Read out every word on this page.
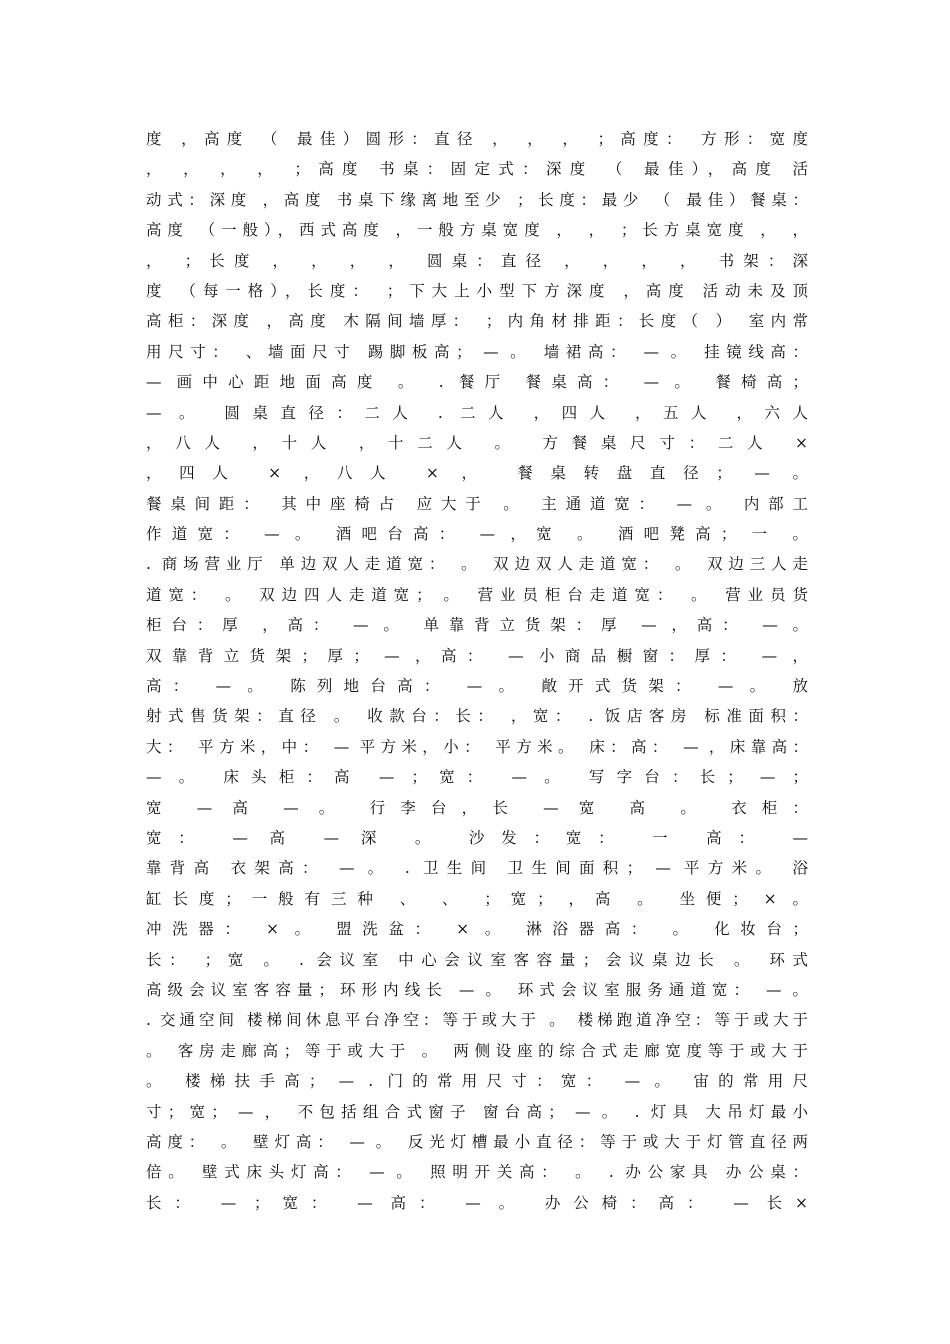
度 ，高度 （ 最佳）圆形：直径 ， ， ， ；高度： 方形：宽度
， ， ， ， ；高度 书桌：固定式：深度 （ 最佳），高度 活
动式：深度 ，高度 书桌下缘离地至少 ；长度：最少 （ 最佳）餐桌：
高度 （一般），西式高度 ，一般方桌宽度 ， ， ；长方桌宽度 ， ，
， ；长度 ， ， ， ， 圆桌：直径 ， ， ， ， 书架：深
度 （每一格），长度： ；下大上小型下方深度 ，高度 活动未及顶
高柜：深度 ，高度 木隔间墙厚： ；内角材排距：长度（ ） 室内常
用尺寸： 、墙面尺寸 踢脚板高； — 。 墙裙高： — 。 挂镜线高：
— 画中心距地面高度 。 . 餐厅 餐桌高： — 。 餐椅高；
— 。 圆桌直径：二人 . 二人 ，四人 ，五人 ，六人
，八人 ，十人 ，十二人 。 方餐桌尺寸：二人 ×
，四人 × ，八人 × ， 餐桌转盘直径； — 。
餐桌间距： 其中座椅占 应大于 。 主通道宽： — 。 内部工
作道宽： — 。 酒吧台高： — ，宽 。 酒吧凳高； 一 。
. 商场营业厅 单边双人走道宽： 。 双边双人走道宽： 。 双边三人走
道宽： 。 双边四人走道宽； 。 营业员柜台走道宽： 。 营业员货
柜台：厚 ，高： — 。 单靠背立货架：厚 — ，高： — 。
双靠背立货架；厚； — ，高： — 小商品橱窗：厚： — ，
高： — 。 陈列地台高： — 。 敞开式货架： — 。 放
射式售货架：直径 。 收款台：长： ，宽： . 饭店客房 标准面积：
大： 平方米，中： — 平方米，小： 平方米。 床：高： — ，床靠高：
— 。 床头柜：高 — ；宽： — 。 写字台：长； — ；
宽 — 高 — 。 行李台，长 — 宽 高 。 衣柜：
宽： — 高 — 深 。 沙发：宽： 一 高： —
靠背高 衣架高： — 。 . 卫生间 卫生间面积； — 平方米。 浴
缸长度；一般有三种 、 、 ；宽； ，高 。 坐便； × 。
冲洗器： × 。 盟洗盆： × 。 淋浴器高： 。 化妆台；
长： ；宽 。 . 会议室 中心会议室客容量；会议桌边长 。 环式
高级会议室客容量；环形内线长 — 。 环式会议室服务通道宽： — 。
. 交通空间 楼梯间休息平台净空：等于或大于 。 楼梯跑道净空：等于或大于
。 客房走廊高；等于或大于 。 两侧设座的综合式走廊宽度等于或大于
。 楼梯扶手高； — . 门的常用尺寸：宽： — 。 宙的常用尺
寸；宽； — ， 不包括组合式窗子 窗台高； — 。 . 灯具 大吊灯最小
高度： 。 壁灯高： — 。 反光灯槽最小直径：等于或大于灯管直径两
倍。 壁式床头灯高： — 。 照明开关高： 。 . 办公家具 办公桌：
长： — ；宽： — 高： — 。 办公椅：高： — 长×
